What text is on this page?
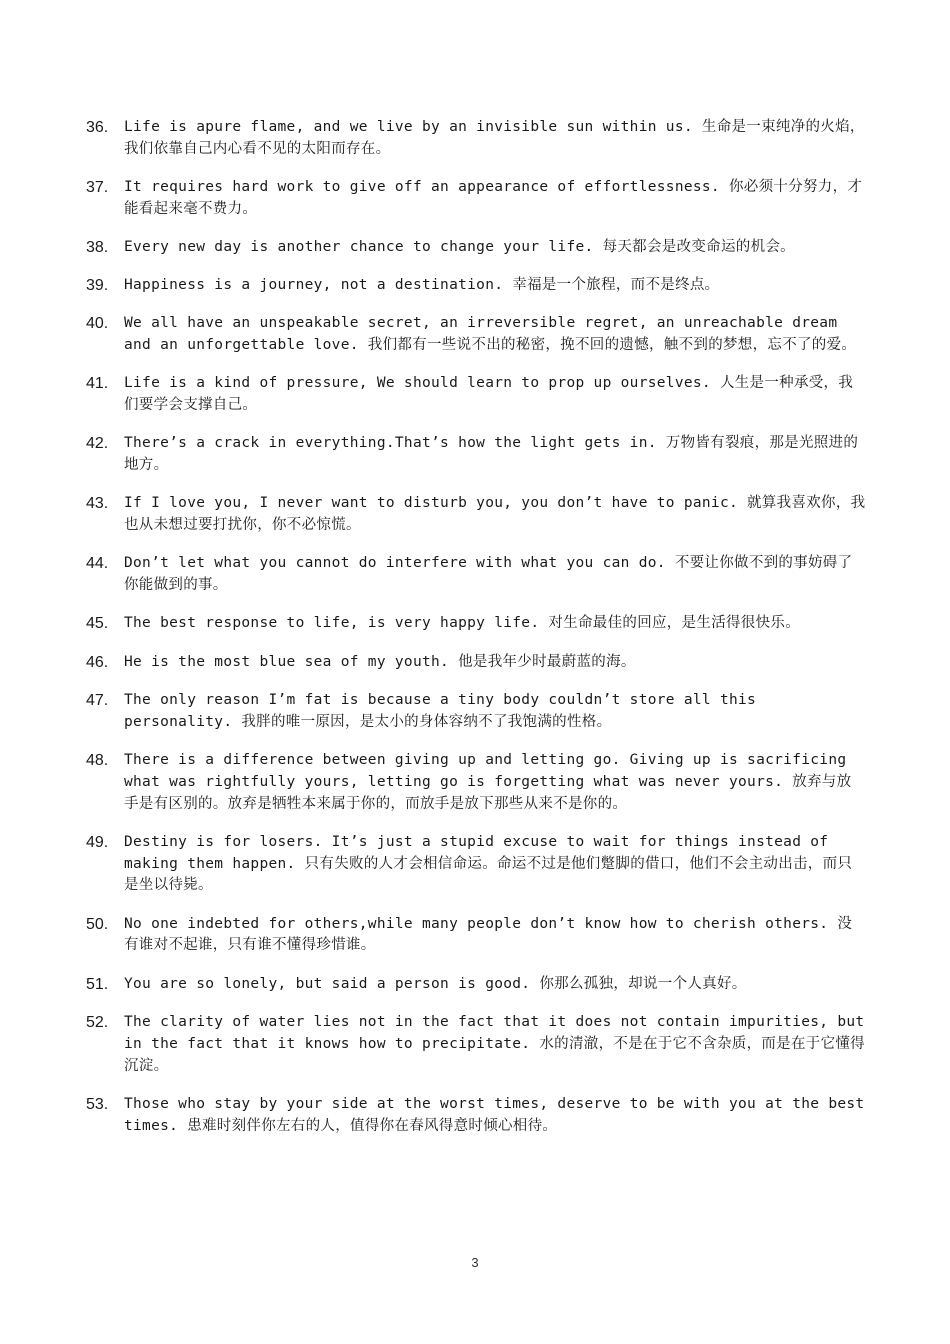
36.	Life is apure flame, and we live by an invisible sun within us. 生命是一束纯净的火焰，我们依靠自己内心看不见的太阳而存在。
37.	It requires hard work to give off an appearance of effortlessness. 你必须十分努力，才能看起来毫不费力。
38.	Every new day is another chance to change your life. 每天都会是改变命运的机会。
39.	Happiness is a journey, not a destination. 幸福是一个旅程，而不是终点。
40.	We all have an unspeakable secret, an irreversible regret, an unreachable dream and an unforgettable love. 我们都有一些说不出的秘密，挽不回的遗憾，触不到的梦想，忘不了的爱。
41.	Life is a kind of pressure, We should learn to prop up ourselves. 人生是一种承受，我们要学会支撑自己。
42.	There’s a crack in everything.That’s how the light gets in. 万物皆有裂痕，那是光照进的地方。
43.	If I love you, I never want to disturb you, you don’t have to panic. 就算我喜欢你，我也从未想过要打扰你，你不必惊慌。
44.	Don’t let what you cannot do interfere with what you can do. 不要让你做不到的事妨碍了你能做到的事。
45.	The best response to life, is very happy life. 对生命最佳的回应，是生活得很快乐。
46.	He is the most blue sea of my youth. 他是我年少时最蔚蓝的海。
47.	The only reason I’m fat is because a tiny body couldn’t store all this personality. 我胖的唯一原因，是太小的身体容纳不了我饱满的性格。
48.	There is a difference between giving up and letting go. Giving up is sacrificing what was rightfully yours, letting go is forgetting what was never yours. 放弃与放手是有区别的。放弃是牺牲本来属于你的，而放手是放下那些从来不是你的。
49.	Destiny is for losers. It’s just a stupid excuse to wait for things instead of making them happen. 只有失败的人才会相信命运。命运不过是他们蹩脚的借口，他们不会主动出击，而只是坐以待毙。
50.	No one indebted for others,while many people don’t know how to cherish others. 没有谁对不起谁，只有谁不懂得珍惜谁。
51.	You are so lonely, but said a person is good. 你那么孤独，却说一个人真好。
52.	The clarity of water lies not in the fact that it does not contain impurities, but in the fact that it knows how to precipitate. 水的清澈，不是在于它不含杂质，而是在于它懂得沉淀。
53.	Those who stay by your side at the worst times, deserve to be with you at the best times. 患难时刻伴你左右的人，值得你在春风得意时倾心相待。
3
